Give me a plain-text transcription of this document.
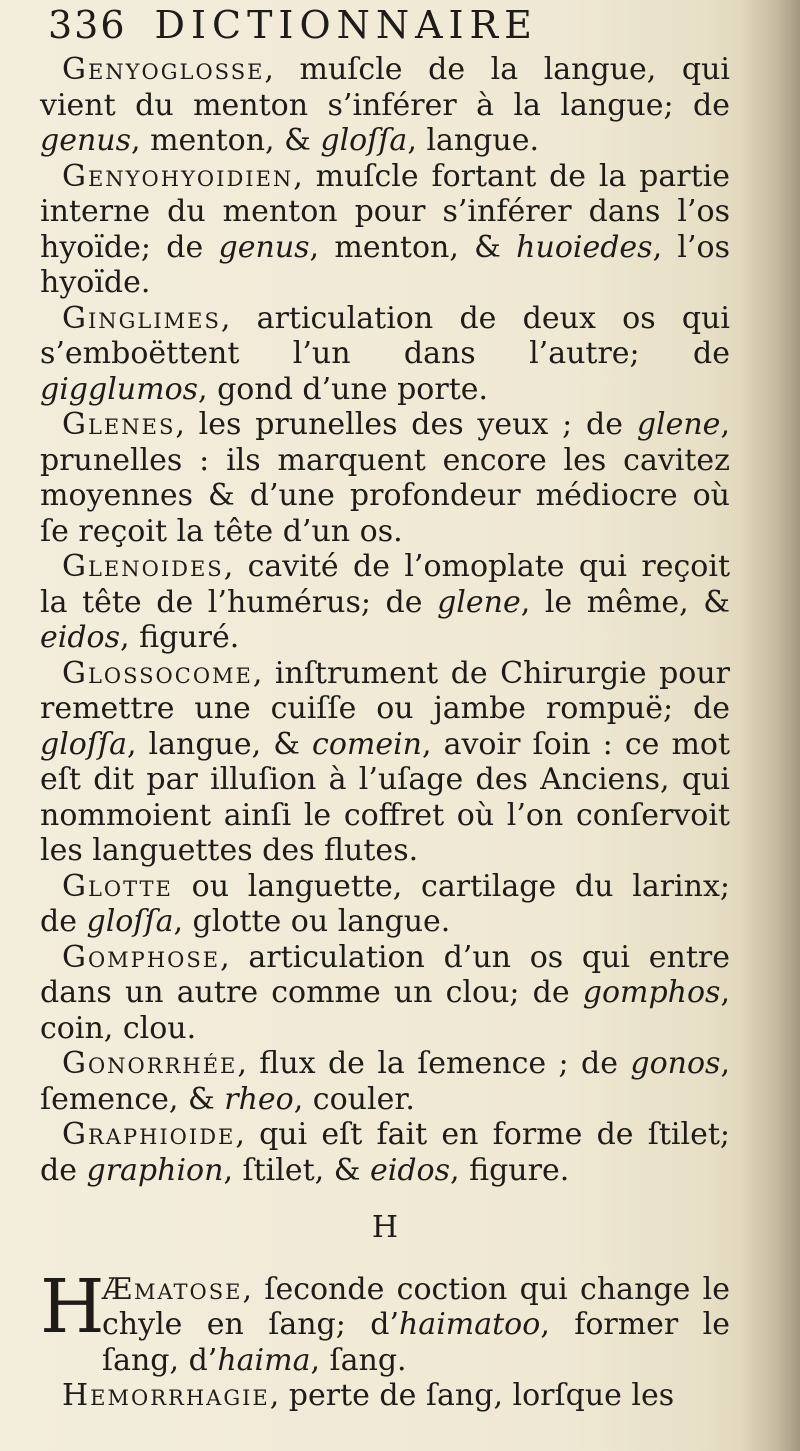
336 DICTIONNAIRE

Genyoglosse, muſcle de la langue, qui vient du menton s’inférer à la langue; de genus, menton, & gloſſa, langue.

Genyohyoidien, muſcle fortant de la partie interne du menton pour s’inférer dans l’os hyoïde; de genus, menton, & huoiedes, l’os hyoïde.

Ginglimes, articulation de deux os qui s’emboëttent l’un dans l’autre; de gigglumos, gond d’une porte.

Glenes, les prunelles des yeux ; de glene, prunelles : ils marquent encore les cavitez moyennes & d’une profondeur médiocre où ſe reçoit la tête d’un os.

Glenoides, cavité de l’omoplate qui reçoit la tête de l’humérus; de glene, le même, & eidos, figuré.

Glossocome, inſtrument de Chirurgie pour remettre une cuiſſe ou jambe rompuë; de gloſſa, langue, & comein, avoir ſoin : ce mot eſt dit par illuſion à l’uſage des Anciens, qui nommoient ainſi le coffret où l’on conſervoit les languettes des flutes.

Glotte ou languette, cartilage du larinx; de gloſſa, glotte ou langue.

Gomphose, articulation d’un os qui entre dans un autre comme un clou; de gomphos, coin, clou.

Gonorrhée, flux de la ſemence ; de gonos, ſemence, & rheo, couler.

Graphioide, qui eſt fait en forme de ſtilet; de graphion, ſtilet, & eidos, figure.

H

H
Æmatose, ſeconde coction qui change le chyle en ſang; d’haimatoo, former le ſang, d’haima, ſang.

Hemorrhagie, perte de ſang, lorſque les
